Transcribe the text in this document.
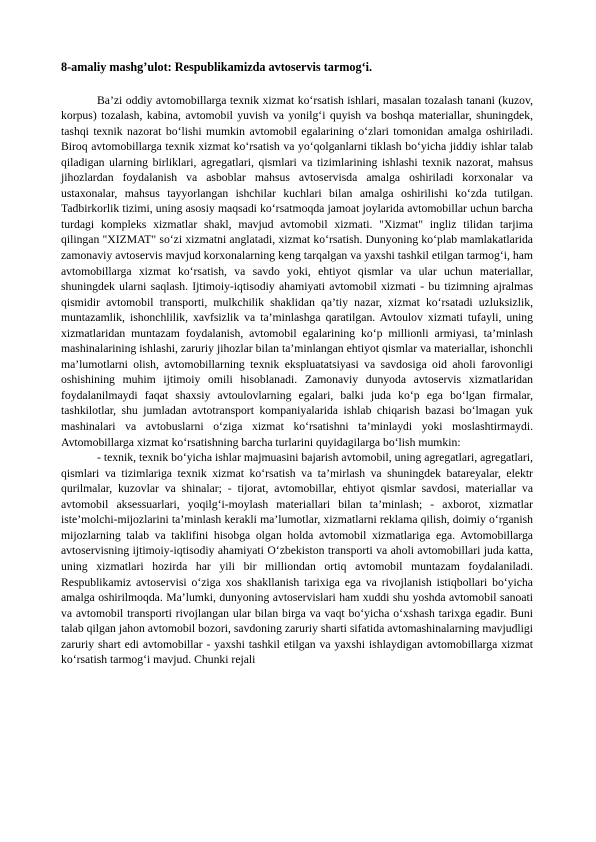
8-amaliy mashg’ulot: Respublikamizda avtoservis tarmog‘i.

Ba’zi oddiy avtomobillarga texnik xizmat ko‘rsatish ishlari, masalan tozalash tanani (kuzov, korpus) tozalash, kabina, avtomobil yuvish va yonilg‘i quyish va boshqa materiallar, shuningdek, tashqi texnik nazorat bo‘lishi mumkin avtomobil egalarining o‘zlari tomonidan amalga oshiriladi. Biroq avtomobillarga texnik xizmat ko‘rsatish va yo‘qolganlarni tiklash bo‘yicha jiddiy ishlar talab qiladigan ularning birliklari, agregatlari, qismlari va tizimlarining ishlashi texnik nazorat, mahsus jihozlardan foydalanish va asboblar mahsus avtoservisda amalga oshiriladi korxonalar va ustaxonalar, mahsus tayyorlangan ishchilar kuchlari bilan amalga oshirilishi ko‘zda tutilgan. Tadbirkorlik tizimi, uning asosiy maqsadi ko‘rsatmoqda jamoat joylarida avtomobillar uchun barcha turdagi kompleks xizmatlar shakl, mavjud avtomobil xizmati. "Xizmat" ingliz tilidan tarjima qilingan "XIZMAT" so‘zi xizmatni anglatadi, xizmat ko‘rsatish. Dunyoning ko‘plab mamlakatlarida zamonaviy avtoservis mavjud korxonalarning keng tarqalgan va yaxshi tashkil etilgan tarmog‘i, ham avtomobillarga xizmat ko‘rsatish, va savdo yoki, ehtiyot qismlar va ular uchun materiallar, shuningdek ularni saqlash. Ijtimoiy-iqtisodiy ahamiyati avtomobil xizmati - bu tizimning ajralmas qismidir avtomobil transporti, mulkchilik shaklidan qa’tiy nazar, xizmat ko‘rsatadi uzluksizlik, muntazamlik, ishonchlilik, xavfsizlik va ta’minlashga qaratilgan. Avtoulov xizmati tufayli, uning xizmatlaridan muntazam foydalanish, avtomobil egalarining ko‘p millionli armiyasi, ta’minlash mashinalarining ishlashi, zaruriy jihozlar bilan ta’minlangan ehtiyot qismlar va materiallar, ishonchli ma’lumotlarni olish, avtomobillarning texnik ekspluatatsiyasi va savdosiga oid aholi farovonligi oshishining muhim ijtimoiy omili hisoblanadi. Zamonaviy dunyoda avtoservis xizmatlaridan foydalanilmaydi faqat shaxsiy avtoulovlarning egalari, balki juda ko‘p ega bo‘lgan firmalar, tashkilotlar, shu jumladan avtotransport kompaniyalarida ishlab chiqarish bazasi bo‘lmagan yuk mashinalari va avtobuslarni o‘ziga xizmat ko‘rsatishni ta’minlaydi yoki moslashtirmaydi. Avtomobillarga xizmat ko‘rsatishning barcha turlarini quyidagilarga bo‘lish mumkin:

- texnik, texnik bo‘yicha ishlar majmuasini bajarish avtomobil, uning agregatlari, agregatlari, qismlari va tizimlariga texnik xizmat ko‘rsatish va ta’mirlash va shuningdek batareyalar, elektr qurilmalar, kuzovlar va shinalar; - tijorat, avtomobillar, ehtiyot qismlar savdosi, materiallar va avtomobil aksessuarlari, yoqilg‘i-moylash materiallari bilan ta’minlash; - axborot, xizmatlar iste’molchi-mijozlarini ta’minlash kerakli ma’lumotlar, xizmatlarni reklama qilish, doimiy o‘rganish mijozlarning talab va taklifini hisobga olgan holda avtomobil xizmatlariga ega. Avtomobillarga avtoservisning ijtimoiy-iqtisodiy ahamiyati O‘zbekiston transporti va aholi avtomobillari juda katta, uning xizmatlari hozirda har yili bir milliondan ortiq avtomobil muntazam foydalaniladi. Respublikamiz avtoservisi o‘ziga xos shakllanish tarixiga ega va rivojlanish istiqbollari bo‘yicha amalga oshirilmoqda. Ma’lumki, dunyoning avtoservislari ham xuddi shu yoshda avtomobil sanoati va avtomobil transporti rivojlangan ular bilan birga va vaqt bo‘yicha o‘xshash tarixga egadir. Buni talab qilgan jahon avtomobil bozori, savdoning zaruriy sharti sifatida avtomashinalarning mavjudligi zaruriy shart edi avtomobillar - yaxshi tashkil etilgan va yaxshi ishlaydigan avtomobillarga xizmat ko‘rsatish tarmog‘i mavjud. Chunki rejali
